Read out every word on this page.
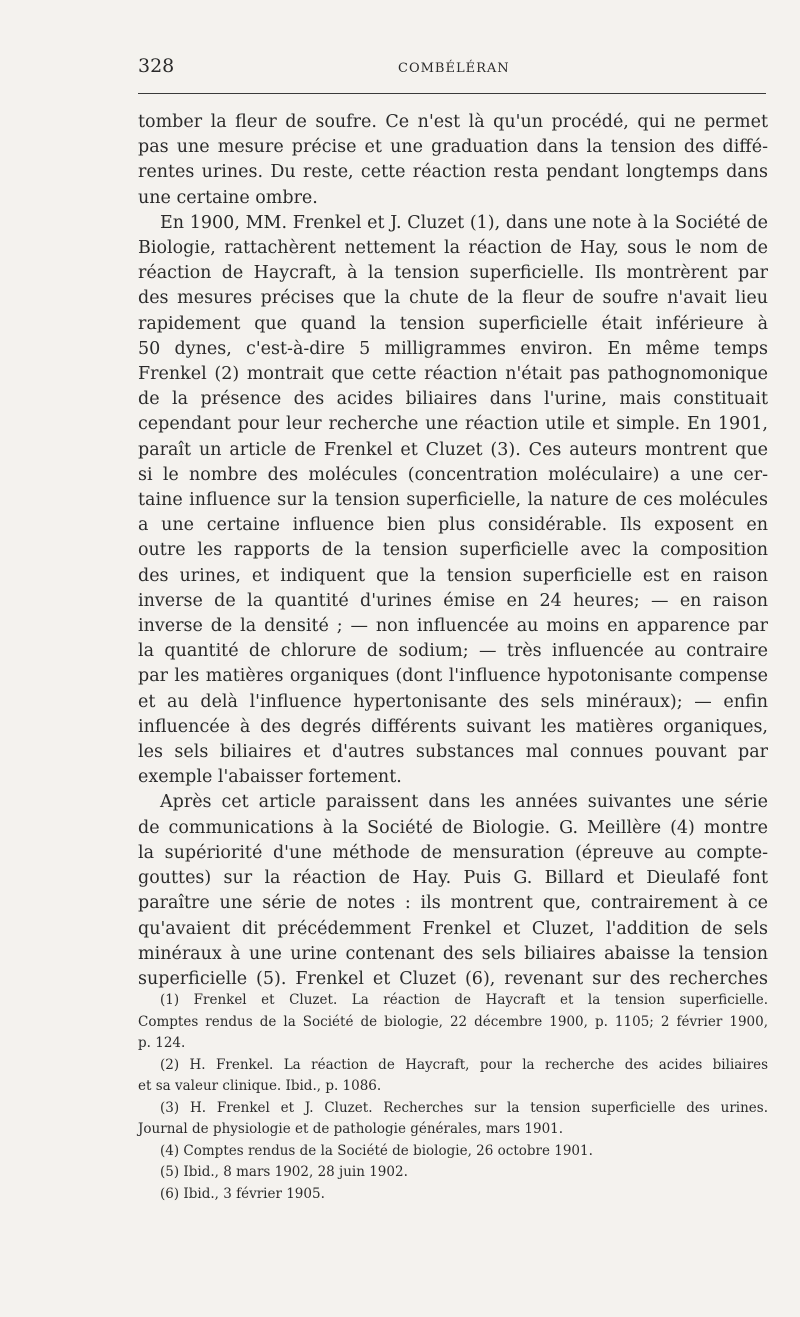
328	COMBÉLÉRAN

tomber la fleur de soufre. Ce n'est là qu'un procédé, qui ne permet

pas une mesure précise et une graduation dans la tension des diffé-

rentes urines. Du reste, cette réaction resta pendant longtemps dans

une certaine ombre.

En 1900, MM. Frenkel et J. Cluzet (1), dans une note à la Société de

Biologie, rattachèrent nettement la réaction de Hay, sous le nom de

réaction de Haycraft, à la tension superficielle. Ils montrèrent par

des mesures précises que la chute de la fleur de soufre n'avait lieu

rapidement que quand la tension superficielle était inférieure à

50 dynes, c'est-à-dire 5 milligrammes environ. En même temps

Frenkel (2) montrait que cette réaction n'était pas pathognomonique

de la présence des acides biliaires dans l'urine, mais constituait

cependant pour leur recherche une réaction utile et simple. En 1901,

paraît un article de Frenkel et Cluzet (3). Ces auteurs montrent que

si le nombre des molécules (concentration moléculaire) a une cer-

taine influence sur la tension superficielle, la nature de ces molécules

a une certaine influence bien plus considérable. Ils exposent en

outre les rapports de la tension superficielle avec la composition

des urines, et indiquent que la tension superficielle est en raison

inverse de la quantité d'urines émise en 24 heures; — en raison

inverse de la densité ; — non influencée au moins en apparence par

la quantité de chlorure de sodium; — très influencée au contraire

par les matières organiques (dont l'influence hypotonisante compense

et au delà l'influence hypertonisante des sels minéraux); — enfin

influencée à des degrés différents suivant les matières organiques,

les sels biliaires et d'autres substances mal connues pouvant par

exemple l'abaisser fortement.

Après cet article paraissent dans les années suivantes une série

de communications à la Société de Biologie. G. Meillère (4) montre

la supériorité d'une méthode de mensuration (épreuve au compte-

gouttes) sur la réaction de Hay. Puis G. Billard et Dieulafé font

paraître une série de notes : ils montrent que, contrairement à ce

qu'avaient dit précédemment Frenkel et Cluzet, l'addition de sels

minéraux à une urine contenant des sels biliaires abaisse la tension

superficielle (5). Frenkel et Cluzet (6), revenant sur des recherches

(1) Frenkel et Cluzet. La réaction de Haycraft et la tension superficielle.

Comptes rendus de la Société de biologie, 22 décembre 1900, p. 1105; 2 février 1900,

p. 124.

(2) H. Frenkel. La réaction de Haycraft, pour la recherche des acides biliaires

et sa valeur clinique. Ibid., p. 1086.

(3) H. Frenkel et J. Cluzet. Recherches sur la tension superficielle des urines.

Journal de physiologie et de pathologie générales, mars 1901.

(4) Comptes rendus de la Société de biologie, 26 octobre 1901.

(5) Ibid., 8 mars 1902, 28 juin 1902.

(6) Ibid., 3 février 1905.
